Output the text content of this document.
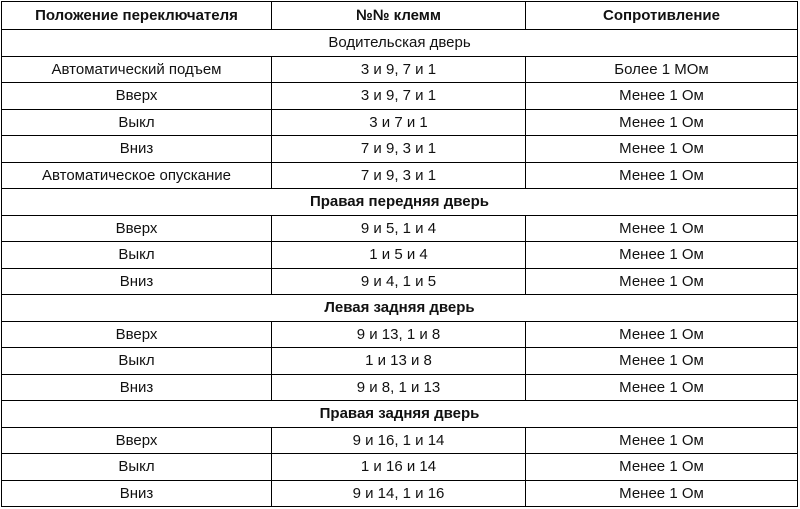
Положение переключателя	№№ клемм	Сопротивление
Водительская дверь		
Автоматический подъем	3 и 9, 7 и 1	Более 1 МОм
Вверх	3 и 9, 7 и 1	Менее 1 Ом
Выкл	3 и 7 и 1	Менее 1 Ом
Вниз	7 и 9, 3 и 1	Менее 1 Ом
Автоматическое опускание	7 и 9, 3 и 1	Менее 1 Ом
Правая передняя дверь		
Вверх	9 и 5, 1 и 4	Менее 1 Ом
Выкл	1 и 5 и 4	Менее 1 Ом
Вниз	9 и 4, 1 и 5	Менее 1 Ом
Левая задняя дверь		
Вверх	9 и 13, 1 и 8	Менее 1 Ом
Выкл	1 и 13 и 8	Менее 1 Ом
Вниз	9 и 8, 1 и 13	Менее 1 Ом
Правая задняя дверь		
Вверх	9 и 16, 1 и 14	Менее 1 Ом
Выкл	1 и 16 и 14	Менее 1 Ом
Вниз	9 и 14, 1 и 16	Менее 1 Ом
